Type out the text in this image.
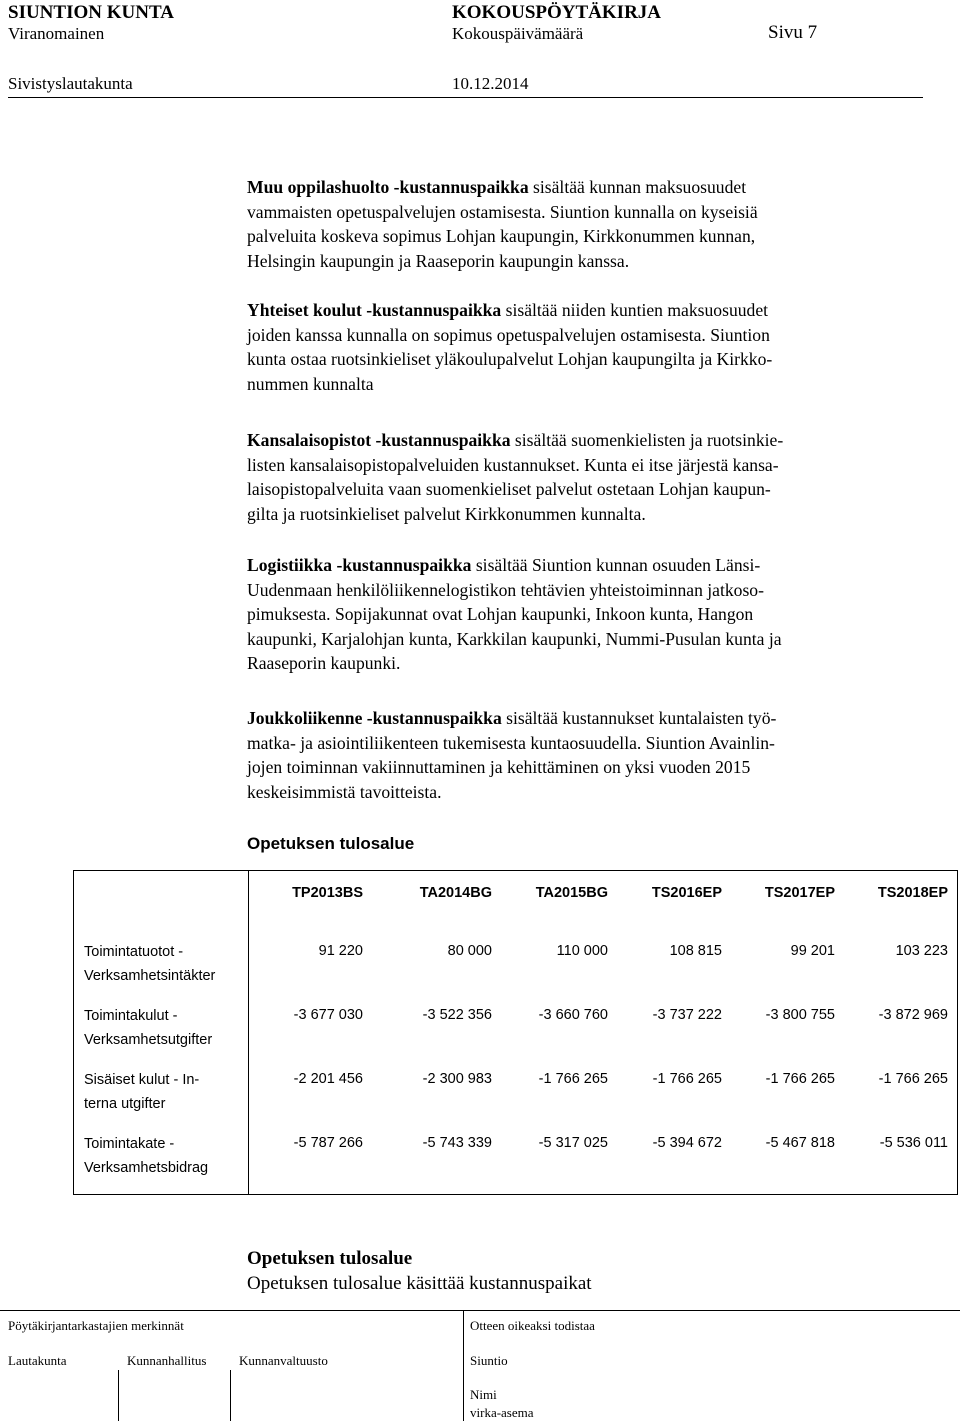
SIUNTION KUNTA	KOKOUSPÖYTÄKIRJA
Viranomainen	Kokouspäivämäärä	Sivu 7
Sivistyslautakunta	10.12.2014
Muu oppilashuolto -kustannuspaikka sisältää kunnan maksuosuudet
vammaisten opetuspalvelujen ostamisesta. Siuntion kunnalla on kyseisiä
palveluita koskeva sopimus Lohjan kaupungin, Kirkkonummen kunnan,
Helsingin kaupungin ja Raaseporin kaupungin kanssa.
Yhteiset koulut -kustannuspaikka sisältää niiden kuntien maksuosuudet
joiden kanssa kunnalla on sopimus opetuspalvelujen ostamisesta. Siuntion
kunta ostaa ruotsinkieliset yläkoulupalvelut Lohjan kaupungilta ja Kirkko-
nummen kunnalta
Kansalaisopistot -kustannuspaikka sisältää suomenkielisten ja ruotsinkie-
listen kansalaisopistopalveluiden kustannukset. Kunta ei itse järjestä kansa-
laisopistopalveluita vaan suomenkieliset palvelut ostetaan Lohjan kaupun-
gilta ja ruotsinkieliset palvelut Kirkkonummen kunnalta.
Logistiikka -kustannuspaikka sisältää Siuntion kunnan osuuden Länsi-
Uudenmaan henkilöliikennelogistikon tehtävien yhteistoiminnan jatkoso-
pimuksesta. Sopijakunnat ovat Lohjan kaupunki, Inkoon kunta, Hangon
kaupunki, Karjalohjan kunta, Karkkilan kaupunki, Nummi-Pusulan kunta ja
Raaseporin kaupunki.
Joukkoliikenne -kustannuspaikka sisältää kustannukset kuntalaisten työ-
matka- ja asiointiliikenteen tukemisesta kuntaosuudella. Siuntion Avainlin-
jojen toiminnan vakiinnuttaminen ja kehittäminen on yksi vuoden 2015
keskeisimmistä tavoitteista.
Opetuksen tulosalue
TP2013BS	TA2014BG	TA2015BG	TS2016EP	TS2017EP	TS2018EP
Toimintatuotot -
Verksamhetsintäkter
91 220	80 000	110 000	108 815	99 201	103 223
Toimintakulut -
Verksamhetsutgifter
-3 677 030	-3 522 356	-3 660 760	-3 737 222	-3 800 755	-3 872 969
Sisäiset kulut - In-
terna utgifter
-2 201 456	-2 300 983	-1 766 265	-1 766 265	-1 766 265	-1 766 265
Toimintakate -
Verksamhetsbidrag
-5 787 266	-5 743 339	-5 317 025	-5 394 672	-5 467 818	-5 536 011
Opetuksen tulosalue
Opetuksen tulosalue käsittää kustannuspaikat
Pöytäkirjantarkastajien merkinnät	Otteen oikeaksi todistaa
Lautakunta	Kunnanhallitus	Kunnanvaltuusto	Siuntio
Nimi
virka-asema
